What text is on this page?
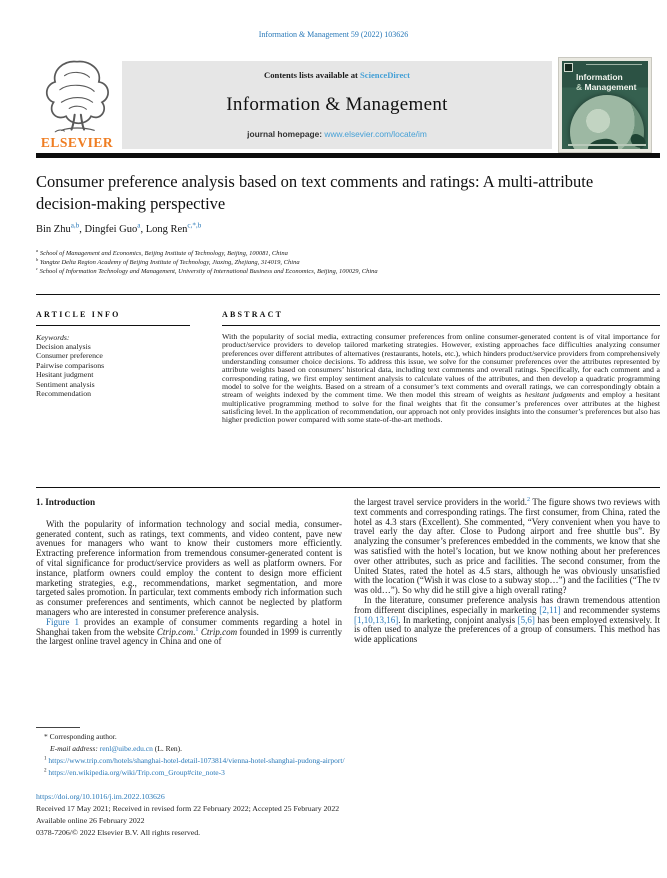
Information & Management 59 (2022) 103626
ELSEVIER
Contents lists available at ScienceDirect
Information & Management
journal homepage: www.elsevier.com/locate/im
Information
& Management
Consumer preference analysis based on text comments and ratings: A multi-attribute decision-making perspective
Bin Zhu$^{a,b}$, Dingfei Guo$^a$, Long Ren$^{c,*,b}$
$^a$ School of Management and Economics, Beijing Institute of Technology, Beijing, 100081, China
$^b$ Yangtze Delta Region Academy of Beijing Institute of Technology, Jiaxing, Zhejiang, 314019, China
$^c$ School of Information Technology and Management, University of International Business and Economics, Beijing, 100029, China
ARTICLE INFO
Keywords:
Decision analysis
Consumer preference
Pairwise comparisons
Hesitant judgment
Sentiment analysis
Recommendation
ABSTRACT
With the popularity of social media, extracting consumer preferences from online consumer-generated content is of vital importance for product/service providers to develop tailored marketing strategies. However, existing approaches face difficulties analyzing consumer preferences over different attributes of alternatives (restaurants, hotels, etc.), which hinders product/service providers from comprehensively understanding consumer choice decisions. To address this issue, we solve for the consumer preferences over the attributes represented by attribute weights based on consumers’ historical data, including text comments and overall ratings. Specifically, for each comment and a corresponding rating, we first employ sentiment analysis to calculate values of the attributes, and then develop a quadratic programming model to solve for the weights. Based on a stream of a consumer’s text comments and overall ratings, we can correspondingly obtain a stream of weights indexed by the comment time. We then model this stream of weights as hesitant judgments and employ a hesitant multiplicative programming method to solve for the final weights that fit the consumer’s preferences over attributes at the highest satisficing level. In the application of recommendation, our approach not only provides insights into the consumer’s preferences but also has higher prediction power compared with some state-of-the-art methods.
1. Introduction

With the popularity of information technology and social media, consumer-generated content, such as ratings, text comments, and video content, pave new avenues for managers who want to know their customers more efficiently. Extracting preference information from tremendous consumer-generated content is of vital significance for product/service providers as well as platform owners. For instance, platform owners could employ the content to design more efficient marketing strategies, e.g., recommendations, market segmentation, and more targeted sales promotion. In particular, text comments embody rich information such as consumer preferences and sentiments, which cannot be neglected by platform managers who are interested in consumer preference analysis.

Figure 1 provides an example of consumer comments regarding a hotel in Shanghai taken from the website Ctrip.com.$^1$ Ctrip.com founded in 1999 is currently the largest online travel agency in China and one of

the largest travel service providers in the world.$^2$ The figure shows two reviews with text comments and corresponding ratings. The first consumer, from China, rated the hotel as 4.3 stars (Excellent). She commented, “Very convenient when you have to travel early the day after. Close to Pudong airport and free shuttle bus”. By analyzing the consumer’s preferences embedded in the comments, we know that she was satisfied with the hotel’s location, but we know nothing about her preferences over other attributes, such as price and facilities. The second consumer, from the United States, rated the hotel as 4.5 stars, although he was obviously unsatisfied with the location (“Wish it was close to a subway stop…”) and the facilities (“The tv was old…”). So why did he still give a high overall rating?

In the literature, consumer preference analysis has drawn tremendous attention from different disciplines, especially in marketing [2,11] and recommender systems [1,10,13,16]. In marketing, conjoint analysis [5,6] has been employed extensively. It is often used to analyze the preferences of a group of consumers. This method has wide applications

* Corresponding author.
E-mail address: renl@uibe.edu.cn (L. Ren).
$^1$ https://www.trip.com/hotels/shanghai-hotel-detail-1073814/vienna-hotel-shanghai-pudong-airport/
$^2$ https://en.wikipedia.org/wiki/Trip.com_Group#cite_note-3
https://doi.org/10.1016/j.im.2022.103626
Received 17 May 2021; Received in revised form 22 February 2022; Accepted 25 February 2022
Available online 26 February 2022
0378-7206/© 2022 Elsevier B.V. All rights reserved.
